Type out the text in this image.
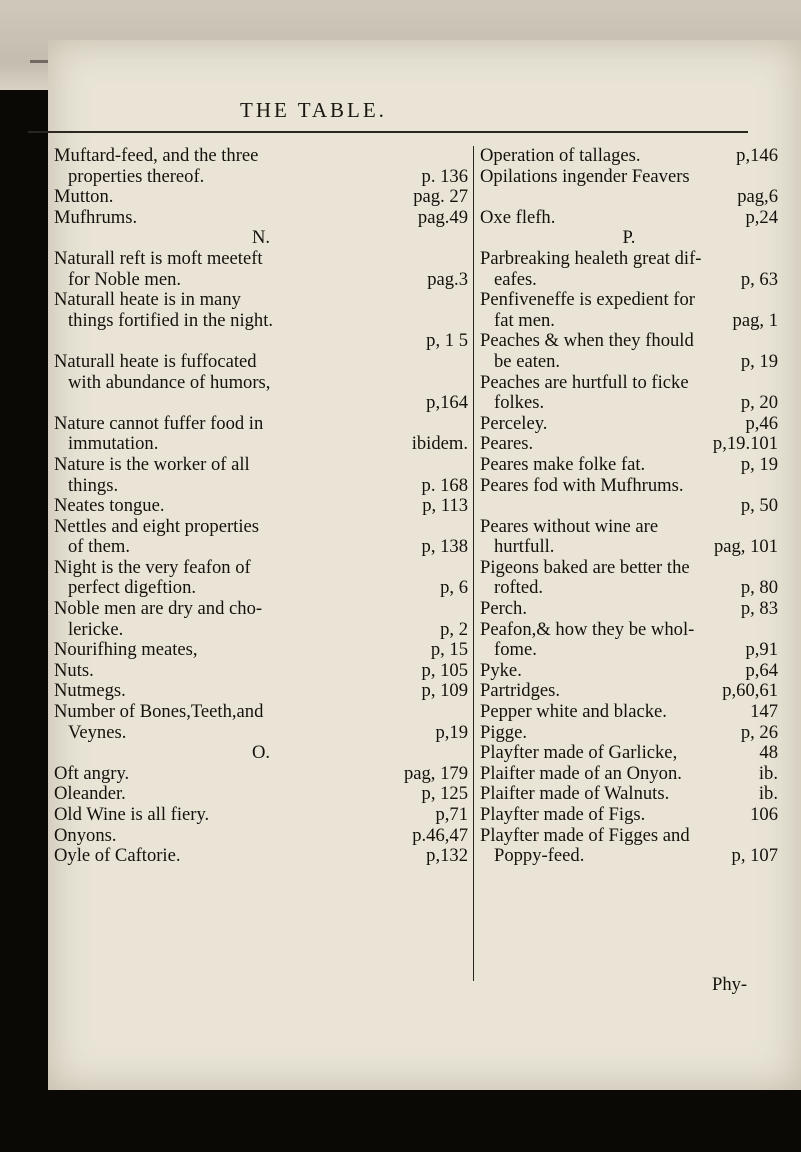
THE TABLE.
Muftard-feed, and the three
properties thereof.	p. 136
Mutton.	pag. 27
Mufhrums.	pag.49
N.
Naturall reft is moft meeteft
for Noble men.	pag.3
Naturall heate is in many
things fortified in the night.
p, 1 5
Naturall heate is fuffocated
with abundance of humors,
p,164
Nature cannot fuffer food in
immutation.	ibidem.
Nature is the worker of all
things.	p. 168
Neates tongue.	p, 113
Nettles and eight properties
of them.	p, 138
Night is the very feafon of
perfect digeftion.	p, 6
Noble men are dry and cho-
lericke.	p, 2
Nourifhing meates,	p, 15
Nuts.	p, 105
Nutmegs.	p, 109
Number of Bones,Teeth,and
Veynes.	p,19
O.
Oft angry.	pag, 179
Oleander.	p, 125
Old Wine is all fiery.	p,71
Onyons.	p.46,47
Oyle of Caftorie.	p,132
Operation of tallages.	p,146
Opilations ingender Feavers
pag,6
Oxe flefh.	p,24
P.
Parbreaking healeth great dif-
eafes.	p, 63
Penfiveneffe is expedient for
fat men.	pag, 1
Peaches & when they fhould
be eaten.	p, 19
Peaches are hurtfull to ficke
folkes.	p, 20
Perceley.	p,46
Peares.	p,19.101
Peares make folke fat.	p, 19
Peares fod with Mufhrums.
p, 50
Peares without wine are
hurtfull.	pag, 101
Pigeons baked are better the
rofted.	p, 80
Perch.	p, 83
Peafon,& how they be whol-
fome.	p,91
Pyke.	p,64
Partridges.	p,60,61
Pepper white and blacke.	147
Pigge.	p, 26
Playfter made of Garlicke,	48
Plaifter made of an Onyon.	ib.
Plaifter made of Walnuts.	ib.
Playfter made of Figs.	106
Playfter made of Figges and
Poppy-feed.	p, 107
Phy-
